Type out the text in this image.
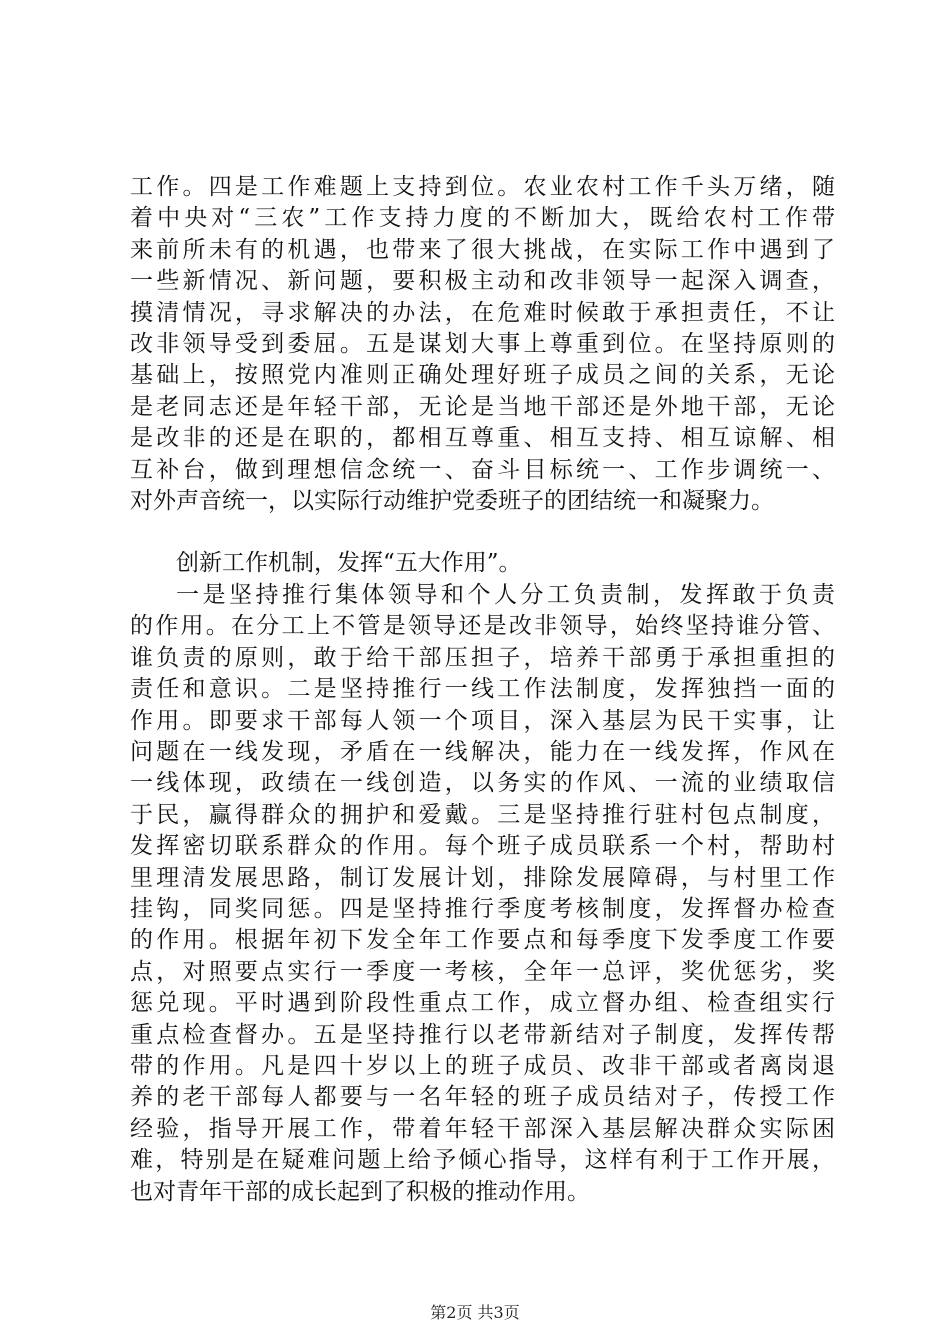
工作。四是工作难题上支持到位。农业农村工作千头万绪，随
着中央对“三农”工作支持力度的不断加大，既给农村工作带
来前所未有的机遇，也带来了很大挑战，在实际工作中遇到了
一些新情况、新问题，要积极主动和改非领导一起深入调查，
摸清情况，寻求解决的办法，在危难时候敢于承担责任，不让
改非领导受到委屈。五是谋划大事上尊重到位。在坚持原则的
基础上，按照党内准则正确处理好班子成员之间的关系，无论
是老同志还是年轻干部，无论是当地干部还是外地干部，无论
是改非的还是在职的，都相互尊重、相互支持、相互谅解、相
互补台，做到理想信念统一、奋斗目标统一、工作步调统一、
对外声音统一，以实际行动维护党委班子的团结统一和凝聚力。
创新工作机制，发挥“五大作用”。
一是坚持推行集体领导和个人分工负责制，发挥敢于负责
的作用。在分工上不管是领导还是改非领导，始终坚持谁分管、
谁负责的原则，敢于给干部压担子，培养干部勇于承担重担的
责任和意识。二是坚持推行一线工作法制度，发挥独挡一面的
作用。即要求干部每人领一个项目，深入基层为民干实事，让
问题在一线发现，矛盾在一线解决，能力在一线发挥，作风在
一线体现，政绩在一线创造，以务实的作风、一流的业绩取信
于民，赢得群众的拥护和爱戴。三是坚持推行驻村包点制度，
发挥密切联系群众的作用。每个班子成员联系一个村，帮助村
里理清发展思路，制订发展计划，排除发展障碍，与村里工作
挂钩，同奖同惩。四是坚持推行季度考核制度，发挥督办检查
的作用。根据年初下发全年工作要点和每季度下发季度工作要
点，对照要点实行一季度一考核，全年一总评，奖优惩劣，奖
惩兑现。平时遇到阶段性重点工作，成立督办组、检查组实行
重点检查督办。五是坚持推行以老带新结对子制度，发挥传帮
带的作用。凡是四十岁以上的班子成员、改非干部或者离岗退
养的老干部每人都要与一名年轻的班子成员结对子，传授工作
经验，指导开展工作，带着年轻干部深入基层解决群众实际困
难，特别是在疑难问题上给予倾心指导，这样有利于工作开展，
也对青年干部的成长起到了积极的推动作用。
第2页 共3页
